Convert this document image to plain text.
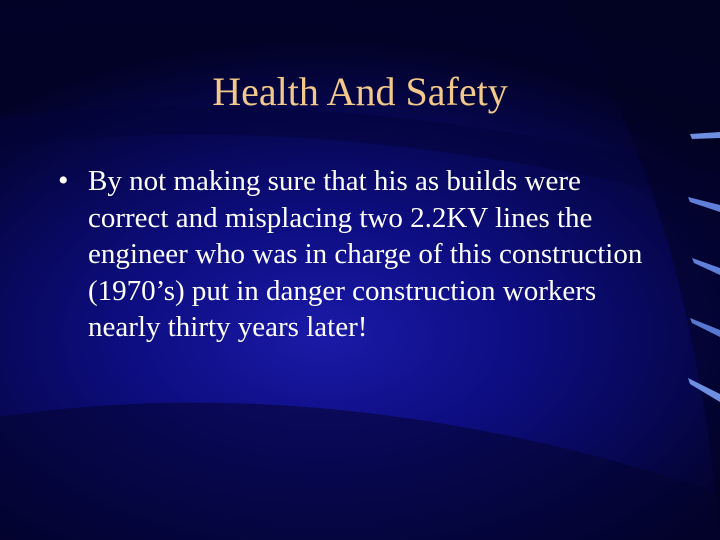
Health And Safety
• By not making sure that his as builds were correct and misplacing two 2.2KV lines the engineer who was in charge of this construction (1970’s) put in danger construction workers nearly thirty years later!
